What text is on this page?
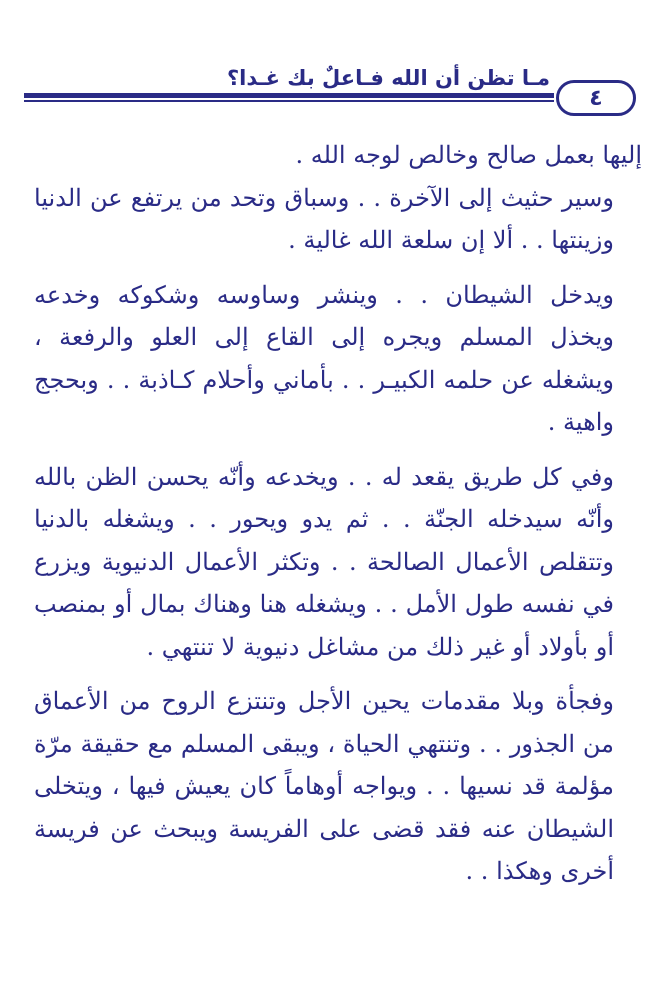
مـا تظن أن الله فـاعلٌ بك غـدا؟
٤

إليها بعمل صالح وخالص لوجه الله .

وسير حثيث إلى الآخرة . . وسباق وتحد من يرتفع عن الدنيا وزينتها . . ألا إن سلعة الله غالية .

ويدخل الشيطان . . وينشر وساوسه وشكوكه وخدعه ويخذل المسلم ويجره إلى القاع إلى العلو والرفعة ، ويشغله عن حلمه الكبيـر . . بأماني وأحلام كـاذبة . . وبحجج واهية .

وفي كل طريق يقعد له . . ويخدعه وأنّه يحسن الظن بالله وأنّه سيدخله الجنّة . . ثم يدو ويحور . . ويشغله بالدنيا وتتقلص الأعمال الصالحة . . وتكثر الأعمال الدنيوية ويزرع في نفسه طول الأمل . . ويشغله هنا وهناك بمال أو بمنصب أو بأولاد أو غير ذلك من مشاغل دنيوية لا تنتهي .

وفجأة وبلا مقدمات يحين الأجل وتنتزع الروح من الأعماق من الجذور . . وتنتهي الحياة ، ويبقى المسلم مع حقيقة مرّة مؤلمة قد نسيها . . ويواجه أوهاماً كان يعيش فيها ، ويتخلى الشيطان عنه فقد قضى على الفريسة ويبحث عن فريسة أخرى وهكذا . .
